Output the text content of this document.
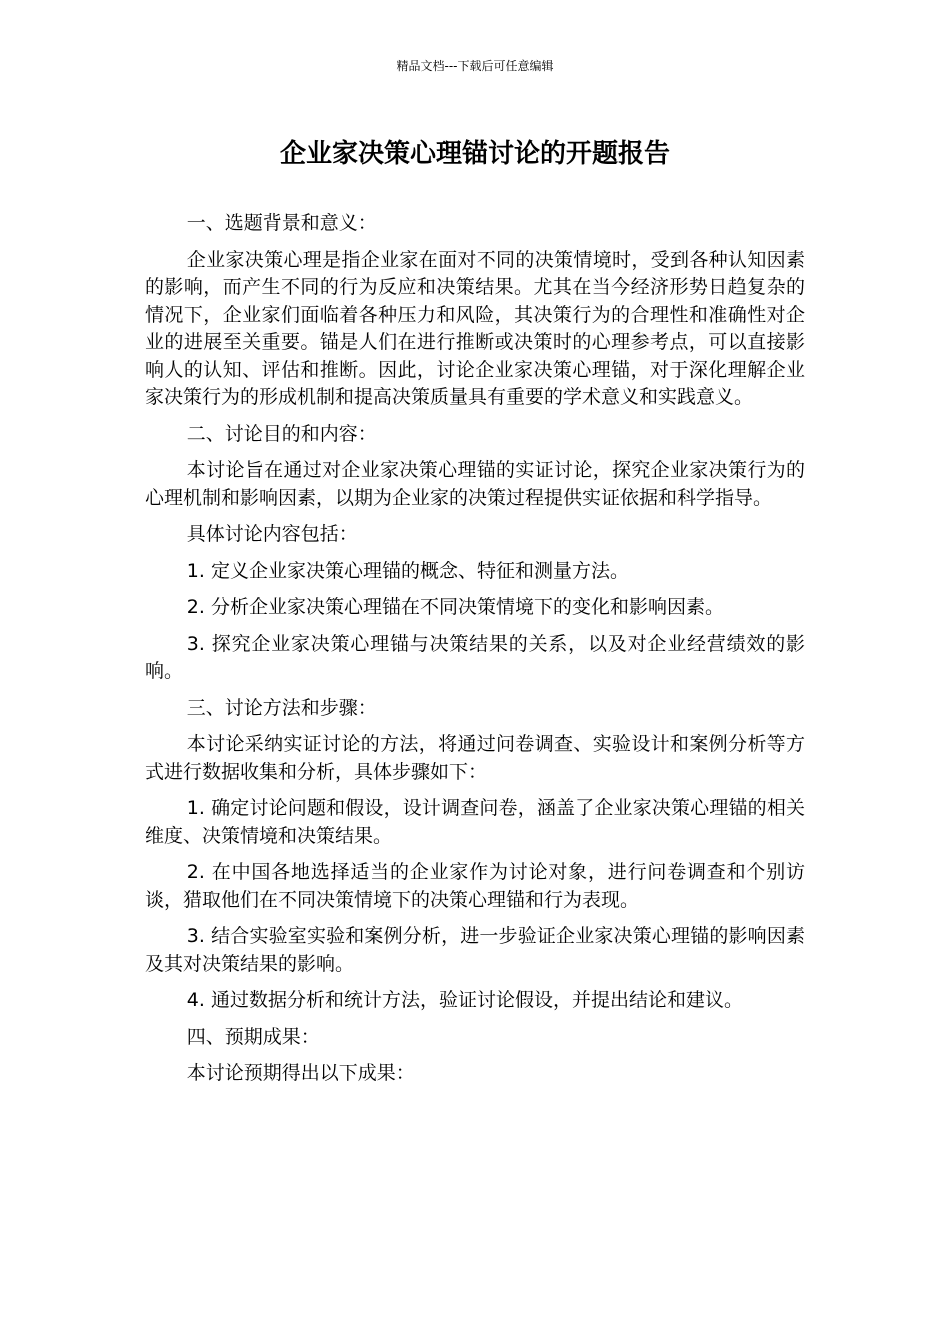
精品文档---下载后可任意编辑
企业家决策心理锚讨论的开题报告

一、选题背景和意义：

企业家决策心理是指企业家在面对不同的决策情境时，受到各种认知因素的影响，而产生不同的行为反应和决策结果。尤其在当今经济形势日趋复杂的情况下，企业家们面临着各种压力和风险，其决策行为的合理性和准确性对企业的进展至关重要。锚是人们在进行推断或决策时的心理参考点，可以直接影响人的认知、评估和推断。因此，讨论企业家决策心理锚，对于深化理解企业家决策行为的形成机制和提高决策质量具有重要的学术意义和实践意义。

二、讨论目的和内容：

本讨论旨在通过对企业家决策心理锚的实证讨论，探究企业家决策行为的心理机制和影响因素，以期为企业家的决策过程提供实证依据和科学指导。

具体讨论内容包括：

1. 定义企业家决策心理锚的概念、特征和测量方法。

2. 分析企业家决策心理锚在不同决策情境下的变化和影响因素。

3. 探究企业家决策心理锚与决策结果的关系，以及对企业经营绩效的影响。

三、讨论方法和步骤：

本讨论采纳实证讨论的方法，将通过问卷调查、实验设计和案例分析等方式进行数据收集和分析，具体步骤如下：

1. 确定讨论问题和假设，设计调查问卷，涵盖了企业家决策心理锚的相关维度、决策情境和决策结果。

2. 在中国各地选择适当的企业家作为讨论对象，进行问卷调查和个别访谈，猎取他们在不同决策情境下的决策心理锚和行为表现。

3. 结合实验室实验和案例分析，进一步验证企业家决策心理锚的影响因素及其对决策结果的影响。

4. 通过数据分析和统计方法，验证讨论假设，并提出结论和建议。

四、预期成果：

本讨论预期得出以下成果：
